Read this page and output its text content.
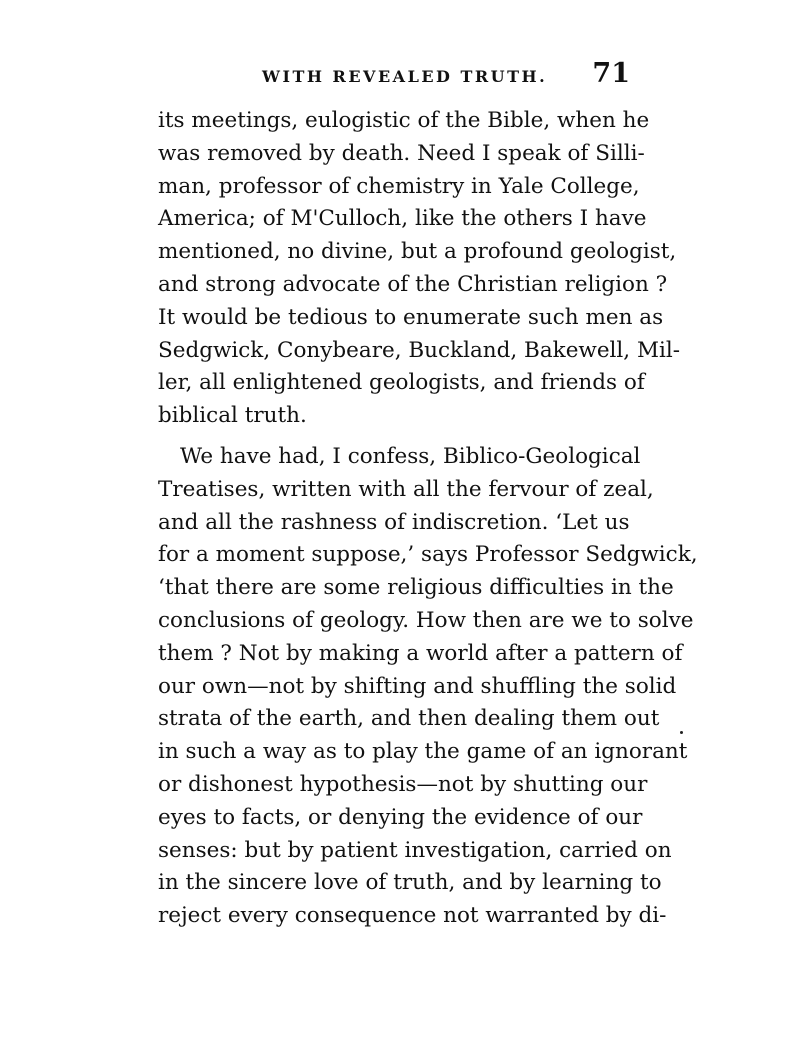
WITH REVEALED TRUTH. 71
its meetings, eulogistic of the Bible, when he
was removed by death. Need I speak of Silli-
man, professor of chemistry in Yale College,
America; of M'Culloch, like the others I have
mentioned, no divine, but a profound geologist,
and strong advocate of the Christian religion ?
It would be tedious to enumerate such men as
Sedgwick, Conybeare, Buckland, Bakewell, Mil-
ler, all enlightened geologists, and friends of
biblical truth.
We have had, I confess, Biblico-Geological
Treatises, written with all the fervour of zeal,
and all the rashness of indiscretion. ‘Let us
for a moment suppose,’ says Professor Sedgwick,
‘that there are some religious difficulties in the
conclusions of geology. How then are we to solve
them ? Not by making a world after a pattern of
our own—not by shifting and shuffling the solid
strata of the earth, and then dealing them out
in such a way as to play the game of an ignorant
or dishonest hypothesis—not by shutting our
eyes to facts, or denying the evidence of our
senses: but by patient investigation, carried on
in the sincere love of truth, and by learning to
reject every consequence not warranted by di-
